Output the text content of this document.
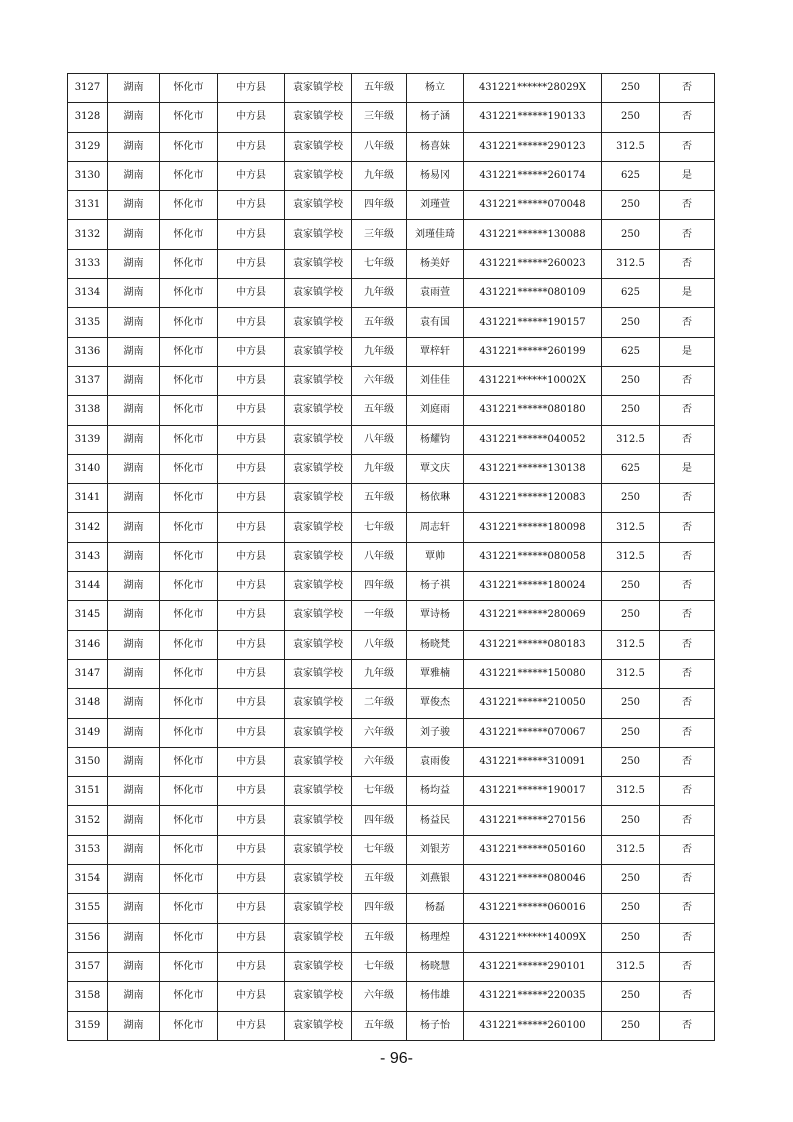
3127	湖南	怀化市	中方县	袁家镇学校	五年级	杨立	431221******28029X	250	否
3128	湖南	怀化市	中方县	袁家镇学校	三年级	杨子涵	431221******190133	250	否
3129	湖南	怀化市	中方县	袁家镇学校	八年级	杨喜妹	431221******290123	312.5	否
3130	湖南	怀化市	中方县	袁家镇学校	九年级	杨易冈	431221******260174	625	是
3131	湖南	怀化市	中方县	袁家镇学校	四年级	刘瑾萱	431221******070048	250	否
3132	湖南	怀化市	中方县	袁家镇学校	三年级	刘瑾佳琦	431221******130088	250	否
3133	湖南	怀化市	中方县	袁家镇学校	七年级	杨美妤	431221******260023	312.5	否
3134	湖南	怀化市	中方县	袁家镇学校	九年级	袁雨萱	431221******080109	625	是
3135	湖南	怀化市	中方县	袁家镇学校	五年级	袁有国	431221******190157	250	否
3136	湖南	怀化市	中方县	袁家镇学校	九年级	覃梓轩	431221******260199	625	是
3137	湖南	怀化市	中方县	袁家镇学校	六年级	刘佳佳	431221******10002X	250	否
3138	湖南	怀化市	中方县	袁家镇学校	五年级	刘庭雨	431221******080180	250	否
3139	湖南	怀化市	中方县	袁家镇学校	八年级	杨耀钧	431221******040052	312.5	否
3140	湖南	怀化市	中方县	袁家镇学校	九年级	覃文庆	431221******130138	625	是
3141	湖南	怀化市	中方县	袁家镇学校	五年级	杨依琳	431221******120083	250	否
3142	湖南	怀化市	中方县	袁家镇学校	七年级	周志轩	431221******180098	312.5	否
3143	湖南	怀化市	中方县	袁家镇学校	八年级	覃帅	431221******080058	312.5	否
3144	湖南	怀化市	中方县	袁家镇学校	四年级	杨子祺	431221******180024	250	否
3145	湖南	怀化市	中方县	袁家镇学校	一年级	覃诗杨	431221******280069	250	否
3146	湖南	怀化市	中方县	袁家镇学校	八年级	杨晓梵	431221******080183	312.5	否
3147	湖南	怀化市	中方县	袁家镇学校	九年级	覃雅楠	431221******150080	312.5	否
3148	湖南	怀化市	中方县	袁家镇学校	二年级	覃俊杰	431221******210050	250	否
3149	湖南	怀化市	中方县	袁家镇学校	六年级	刘子骏	431221******070067	250	否
3150	湖南	怀化市	中方县	袁家镇学校	六年级	袁雨俊	431221******310091	250	否
3151	湖南	怀化市	中方县	袁家镇学校	七年级	杨均益	431221******190017	312.5	否
3152	湖南	怀化市	中方县	袁家镇学校	四年级	杨益民	431221******270156	250	否
3153	湖南	怀化市	中方县	袁家镇学校	七年级	刘银芳	431221******050160	312.5	否
3154	湖南	怀化市	中方县	袁家镇学校	五年级	刘燕银	431221******080046	250	否
3155	湖南	怀化市	中方县	袁家镇学校	四年级	杨磊	431221******060016	250	否
3156	湖南	怀化市	中方县	袁家镇学校	五年级	杨理煌	431221******14009X	250	否
3157	湖南	怀化市	中方县	袁家镇学校	七年级	杨晓慧	431221******290101	312.5	否
3158	湖南	怀化市	中方县	袁家镇学校	六年级	杨伟雄	431221******220035	250	否
3159	湖南	怀化市	中方县	袁家镇学校	五年级	杨子怡	431221******260100	250	否
- 96-
